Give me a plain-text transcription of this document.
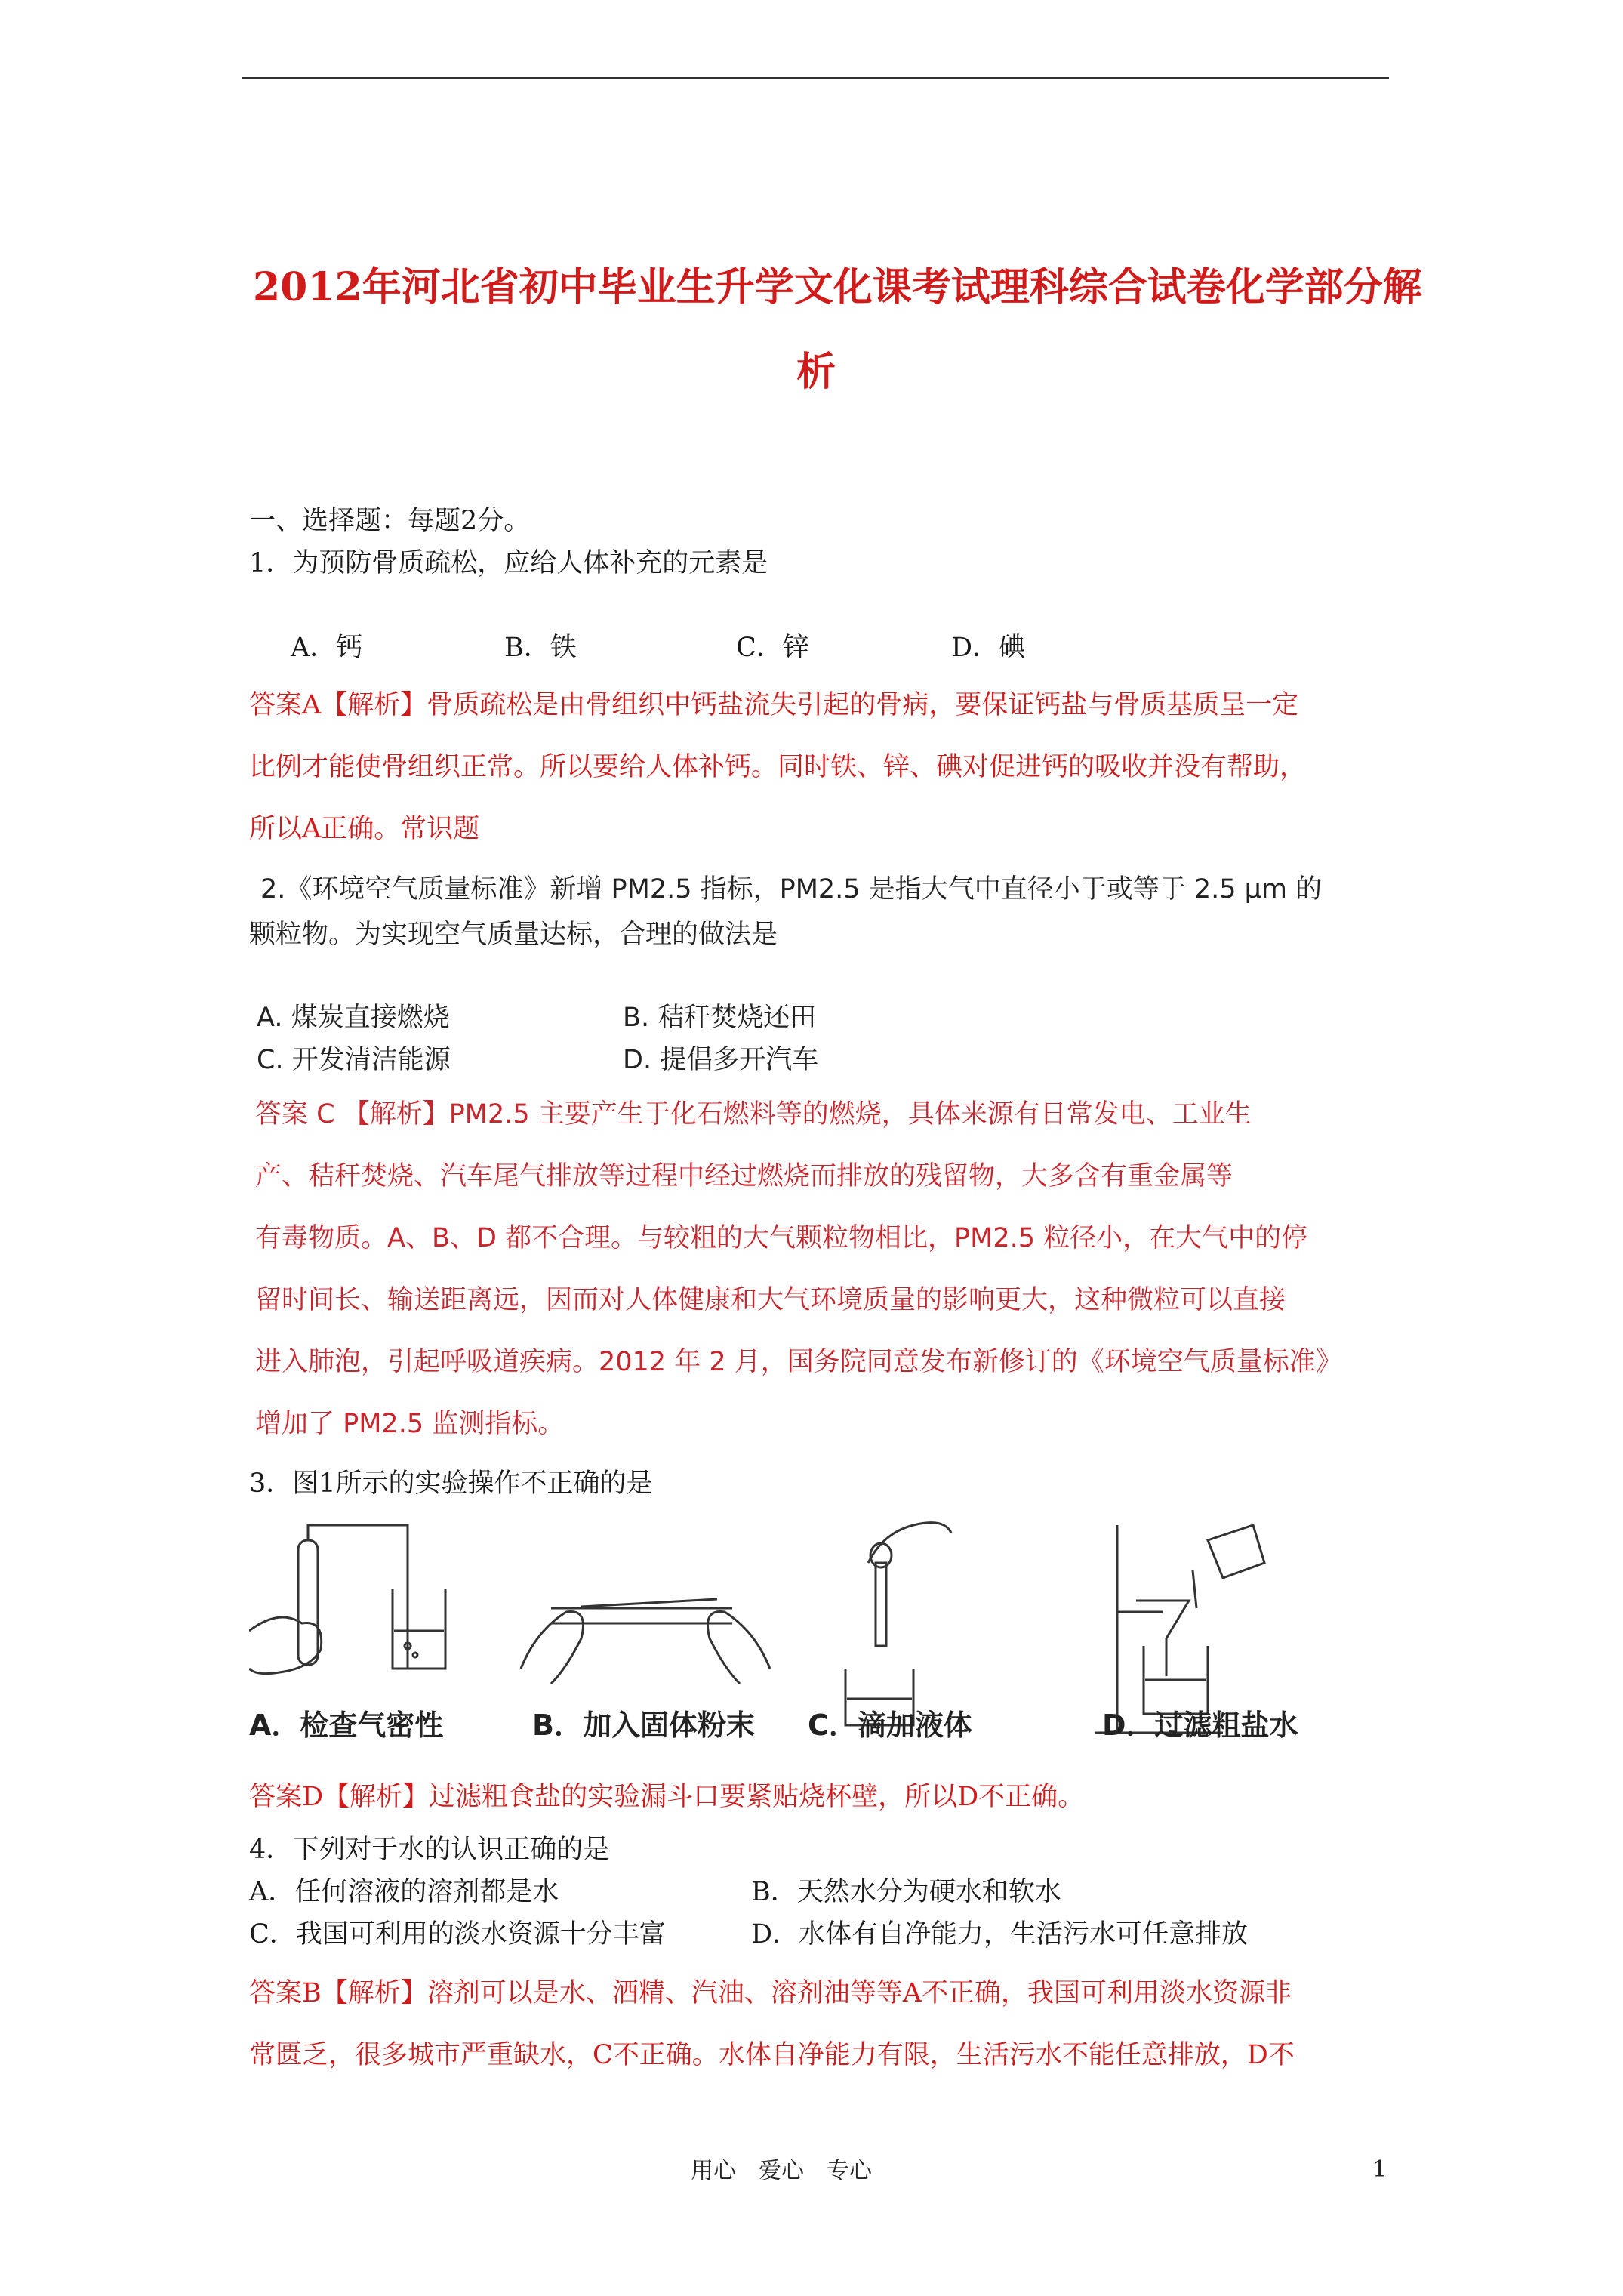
2012年河北省初中毕业生升学文化课考试理科综合试卷化学部分解
析
一、选择题：每题2分。
1．为预防骨质疏松，应给人体补充的元素是
A．钙	B．铁	C．锌	D．碘
答案A【解析】骨质疏松是由骨组织中钙盐流失引起的骨病，要保证钙盐与骨质基质呈一定
比例才能使骨组织正常。所以要给人体补钙。同时铁、锌、碘对促进钙的吸收并没有帮助，
所以A正确。常识题
2.《环境空气质量标准》新增 PM2.5 指标，PM2.5 是指大气中直径小于或等于 2.5 μm 的
颗粒物。为实现空气质量达标，合理的做法是
A. 煤炭直接燃烧	B. 秸秆焚烧还田
C. 开发清洁能源	D. 提倡多开汽车
答案 C 【解析】PM2.5 主要产生于化石燃料等的燃烧，具体来源有日常发电、工业生
产、秸秆焚烧、汽车尾气排放等过程中经过燃烧而排放的残留物，大多含有重金属等
有毒物质。A、B、D 都不合理。与较粗的大气颗粒物相比，PM2.5 粒径小，在大气中的停
留时间长、输送距离远，因而对人体健康和大气环境质量的影响更大，这种微粒可以直接
进入肺泡，引起呼吸道疾病。2012 年 2 月，国务院同意发布新修订的《环境空气质量标准》
增加了 PM2.5 监测指标。
3．图1所示的实验操作不正确的是
A．检查气密性	B．加入固体粉末 C．滴加液体	D．过滤粗盐水
答案D【解析】过滤粗食盐的实验漏斗口要紧贴烧杯壁，所以D不正确。
4．下列对于水的认识正确的是
A．任何溶液的溶剂都是水	B．天然水分为硬水和软水
C．我国可利用的淡水资源十分丰富	D．水体有自净能力，生活污水可任意排放
答案B【解析】溶剂可以是水、酒精、汽油、溶剂油等等A不正确，我国可利用淡水资源非
常匮乏，很多城市严重缺水，C不正确。水体自净能力有限，生活污水不能任意排放，D不
用心　爱心　专心	1
